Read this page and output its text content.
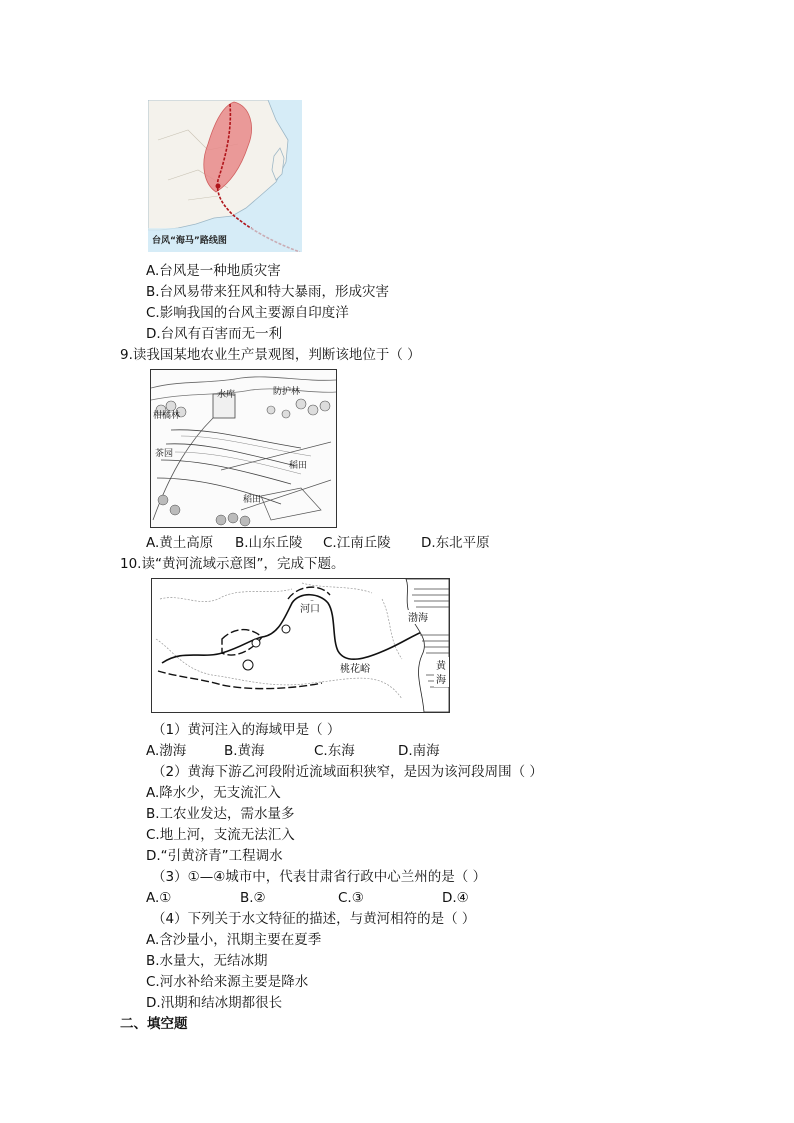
台风“海马”路线图
A.台风是一种地质灾害
B.台风易带来狂风和特大暴雨，形成灾害
C.影响我国的台风主要源自印度洋
D.台风有百害而无一利
9.读我国某地农业生产景观图，判断该地位于（ ）
水库	防护林
柑橘林
茶园
稻田
稻田
A.黄土高原 B.山东丘陵 C.江南丘陵 D.东北平原
10.读“黄河流域示意图”，完成下题。
河口
桃花峪
渤海
黄
海
（1）黄河注入的海域甲是（ ）
A.渤海	B.黄海	C.东海	D.南海
（2）黄海下游乙河段附近流域面积狭窄，是因为该河段周围（ ）
A.降水少，无支流汇入
B.工农业发达，需水量多
C.地上河，支流无法汇入
D.“引黄济青”工程调水
（3）①—④城市中，代表甘肃省行政中心兰州的是（ ）
A.①	B.②	C.③	D.④
（4）下列关于水文特征的描述，与黄河相符的是（ ）
A.含沙量小，汛期主要在夏季
B.水量大，无结冰期
C.河水补给来源主要是降水
D.汛期和结冰期都很长
二、填空题
